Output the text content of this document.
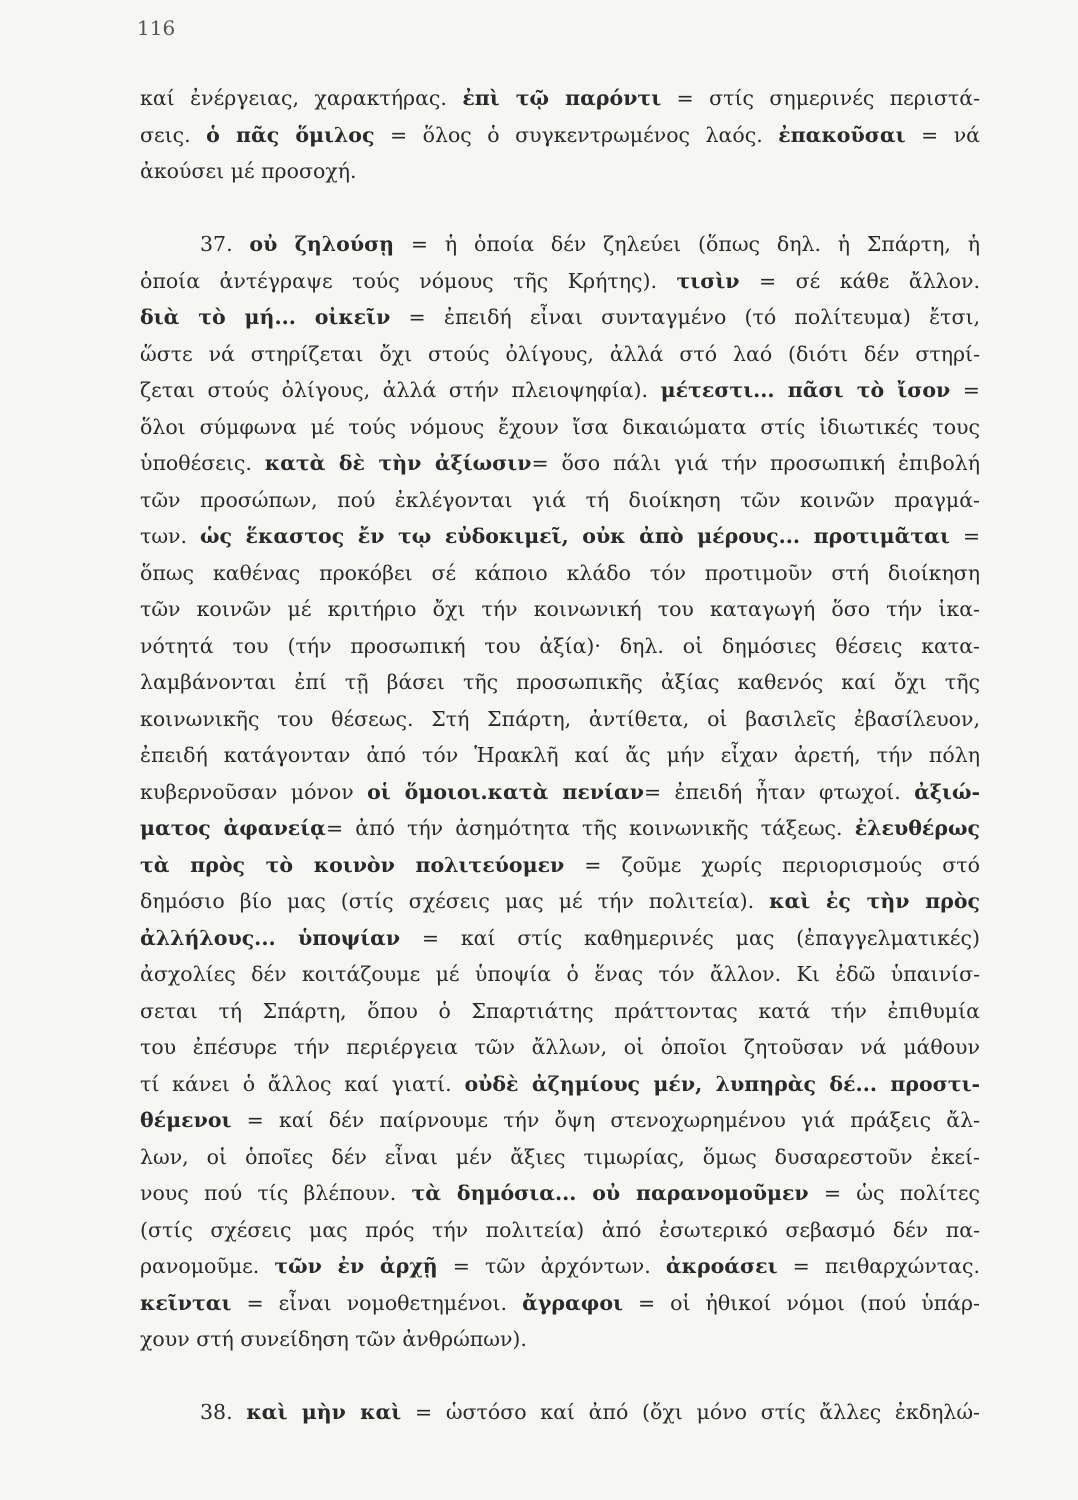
116
καί ἐνέργειας, χαρακτήρας. ἐπὶ τῷ παρόντι = στίς σημερινές περιστά-
σεις. ὁ πᾶς ὅμιλος = ὅλος ὁ συγκεντρωμένος λαός. ἐπακοῦσαι = νά
ἀκούσει μέ προσοχή.
37. οὐ ζηλούσῃ = ἡ ὁποία δέν ζηλεύει (ὅπως δηλ. ἡ Σπάρτη, ἡ
ὁποία ἀντέγραψε τούς νόμους τῆς Κρήτης). τισὶν = σέ κάθε ἄλλον.
διὰ τὸ μή... οἰκεῖν = ἐπειδή εἶναι συνταγμένο (τό πολίτευμα) ἔτσι,
ὥστε νά στηρίζεται ὄχι στούς ὀλίγους, ἀλλά στό λαό (διότι δέν στηρί-
ζεται στούς ὀλίγους, ἀλλά στήν πλειοψηφία). μέτεστι... πᾶσι τὸ ἴσον =
ὅλοι σύμφωνα μέ τούς νόμους ἔχουν ἴσα δικαιώματα στίς ἰδιωτικές τους
ὑποθέσεις. κατὰ δὲ τὴν ἀξίωσιν= ὅσο πάλι γιά τήν προσωπική ἐπιβολή
τῶν προσώπων, πού ἐκλέγονται γιά τή διοίκηση τῶν κοινῶν πραγμά-
των. ὡς ἕκαστος ἔν τῳ εὐδοκιμεῖ, οὐκ ἀπὸ μέρους... προτιμᾶται =
ὅπως καθένας προκόβει σέ κάποιο κλάδο τόν προτιμοῦν στή διοίκηση
τῶν κοινῶν μέ κριτήριο ὄχι τήν κοινωνική του καταγωγή ὅσο τήν ἱκα-
νότητά του (τήν προσωπική του ἀξία)· δηλ. οἱ δημόσιες θέσεις κατα-
λαμβάνονται ἐπί τῇ βάσει τῆς προσωπικῆς ἀξίας καθενός καί ὄχι τῆς
κοινωνικῆς του θέσεως. Στή Σπάρτη, ἀντίθετα, οἱ βασιλεῖς ἐβασίλευον,
ἐπειδή κατάγονταν ἀπό τόν Ἡρακλῆ καί ἄς μήν εἶχαν ἀρετή, τήν πόλη
κυβερνοῦσαν μόνον οἱ ὅμοιοι.κατὰ πενίαν= ἐπειδή ἦταν φτωχοί. ἀξιώ-
ματος ἀφανείᾳ= ἀπό τήν ἀσημότητα τῆς κοινωνικῆς τάξεως. ἐλευθέρως
τὰ πρὸς τὸ κοινὸν πολιτεύομεν = ζοῦμε χωρίς περιορισμούς στό
δημόσιο βίο μας (στίς σχέσεις μας μέ τήν πολιτεία). καὶ ἐς τὴν πρὸς
ἀλλήλους... ὑποψίαν = καί στίς καθημερινές μας (ἐπαγγελματικές)
ἀσχολίες δέν κοιτάζουμε μέ ὑποψία ὁ ἕνας τόν ἄλλον. Κι ἐδῶ ὑπαινίσ-
σεται τή Σπάρτη, ὅπου ὁ Σπαρτιάτης πράττοντας κατά τήν ἐπιθυμία
του ἐπέσυρε τήν περιέργεια τῶν ἄλλων, οἱ ὁποῖοι ζητοῦσαν νά μάθουν
τί κάνει ὁ ἄλλος καί γιατί. οὐδὲ ἀζημίους μέν, λυπηρὰς δέ... προστι-
θέμενοι = καί δέν παίρνουμε τήν ὄψη στενοχωρημένου γιά πράξεις ἄλ-
λων, οἱ ὁποῖες δέν εἶναι μέν ἄξιες τιμωρίας, ὅμως δυσαρεστοῦν ἐκεί-
νους πού τίς βλέπουν. τὰ δημόσια... οὐ παρανομοῦμεν = ὡς πολίτες
(στίς σχέσεις μας πρός τήν πολιτεία) ἀπό ἐσωτερικό σεβασμό δέν πα-
ρανομοῦμε. τῶν ἐν ἀρχῇ = τῶν ἀρχόντων. ἀκροάσει = πειθαρχώντας.
κεῖνται = εἶναι νομοθετημένοι. ἄγραφοι = οἱ ἠθικοί νόμοι (πού ὑπάρ-
χουν στή συνείδηση τῶν ἀνθρώπων).
38. καὶ μὴν καὶ = ὡστόσο καί ἀπό (ὄχι μόνο στίς ἄλλες ἐκδηλώ-
